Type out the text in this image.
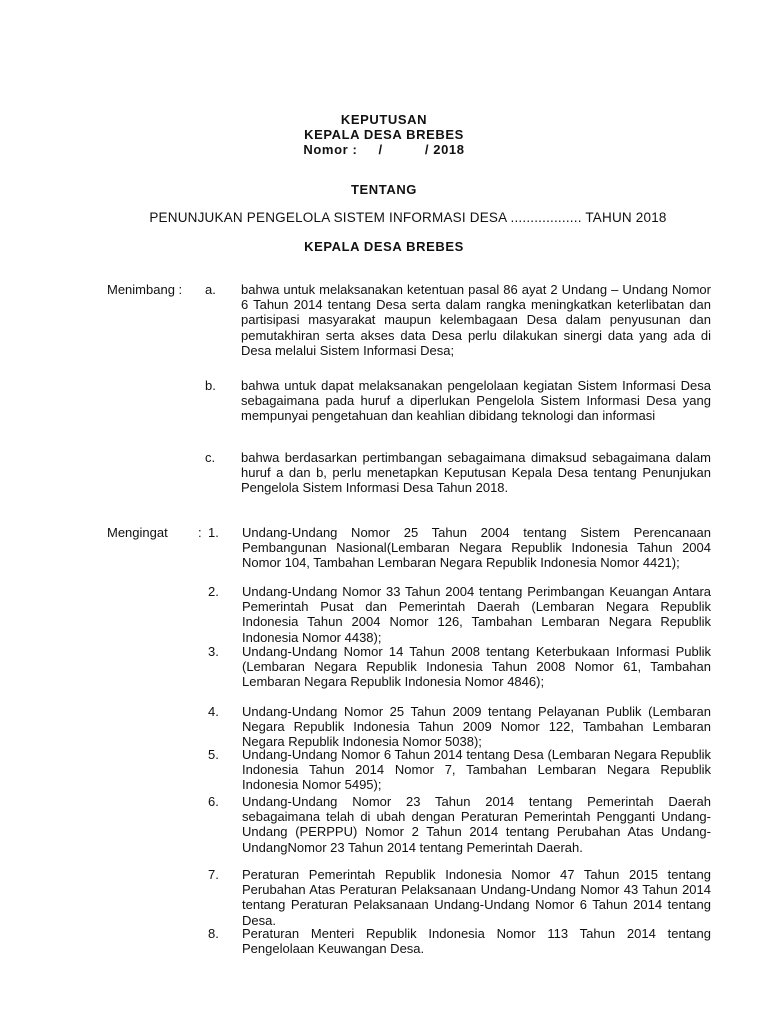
KEPUTUSAN
KEPALA DESA BREBES
Nomor :     /          / 2018
TENTANG
PENUNJUKAN PENGELOLA SISTEM INFORMASI DESA .................. TAHUN 2018
KEPALA DESA BREBES
Menimbang : a. bahwa untuk melaksanakan ketentuan pasal 86 ayat 2 Undang – Undang Nomor 6 Tahun 2014 tentang Desa serta dalam rangka meningkatkan keterlibatan dan partisipasi masyarakat maupun kelembagaan Desa dalam penyusunan dan pemutakhiran serta akses data Desa perlu dilakukan sinergi data yang ada di Desa melalui Sistem Informasi Desa;
b. bahwa untuk dapat melaksanakan pengelolaan kegiatan Sistem Informasi Desa sebagaimana pada huruf a diperlukan Pengelola Sistem Informasi Desa yang mempunyai pengetahuan dan keahlian dibidang teknologi dan informasi
c. bahwa berdasarkan pertimbangan sebagaimana dimaksud sebagaimana dalam huruf a dan b, perlu menetapkan Keputusan Kepala Desa tentang Penunjukan Pengelola Sistem Informasi Desa Tahun 2018.
Mengingat : 1. Undang-Undang Nomor 25 Tahun 2004 tentang Sistem Perencanaan Pembangunan Nasional(Lembaran Negara Republik Indonesia Tahun 2004 Nomor 104, Tambahan Lembaran Negara Republik Indonesia Nomor 4421);
2. Undang-Undang Nomor 33 Tahun 2004 tentang Perimbangan Keuangan Antara Pemerintah Pusat dan Pemerintah Daerah (Lembaran Negara Republik Indonesia Tahun 2004 Nomor 126, Tambahan Lembaran Negara Republik Indonesia Nomor 4438);
3. Undang-Undang Nomor 14 Tahun 2008 tentang Keterbukaan Informasi Publik (Lembaran Negara Republik Indonesia Tahun 2008 Nomor 61, Tambahan Lembaran Negara Republik Indonesia Nomor 4846);
4. Undang-Undang Nomor 25 Tahun 2009 tentang Pelayanan Publik (Lembaran Negara Republik Indonesia Tahun 2009 Nomor 122, Tambahan Lembaran Negara Republik Indonesia Nomor 5038);
5. Undang-Undang Nomor 6 Tahun 2014 tentang Desa (Lembaran Negara Republik Indonesia Tahun 2014 Nomor 7, Tambahan Lembaran Negara Republik Indonesia Nomor 5495);
6. Undang-Undang Nomor 23 Tahun 2014 tentang Pemerintah Daerah sebagaimana telah di ubah dengan Peraturan Pemerintah Pengganti Undang-Undang (PERPPU) Nomor 2 Tahun 2014 tentang Perubahan Atas Undang-UndangNomor 23 Tahun 2014 tentang Pemerintah Daerah.
7. Peraturan Pemerintah Republik Indonesia Nomor 47 Tahun 2015 tentang Perubahan Atas Peraturan Pelaksanaan Undang-Undang Nomor 43 Tahun 2014 tentang Peraturan Pelaksanaan Undang-Undang Nomor 6 Tahun 2014 tentang Desa.
8. Peraturan Menteri Republik Indonesia Nomor 113 Tahun 2014 tentang Pengelolaan Keuwangan Desa.
